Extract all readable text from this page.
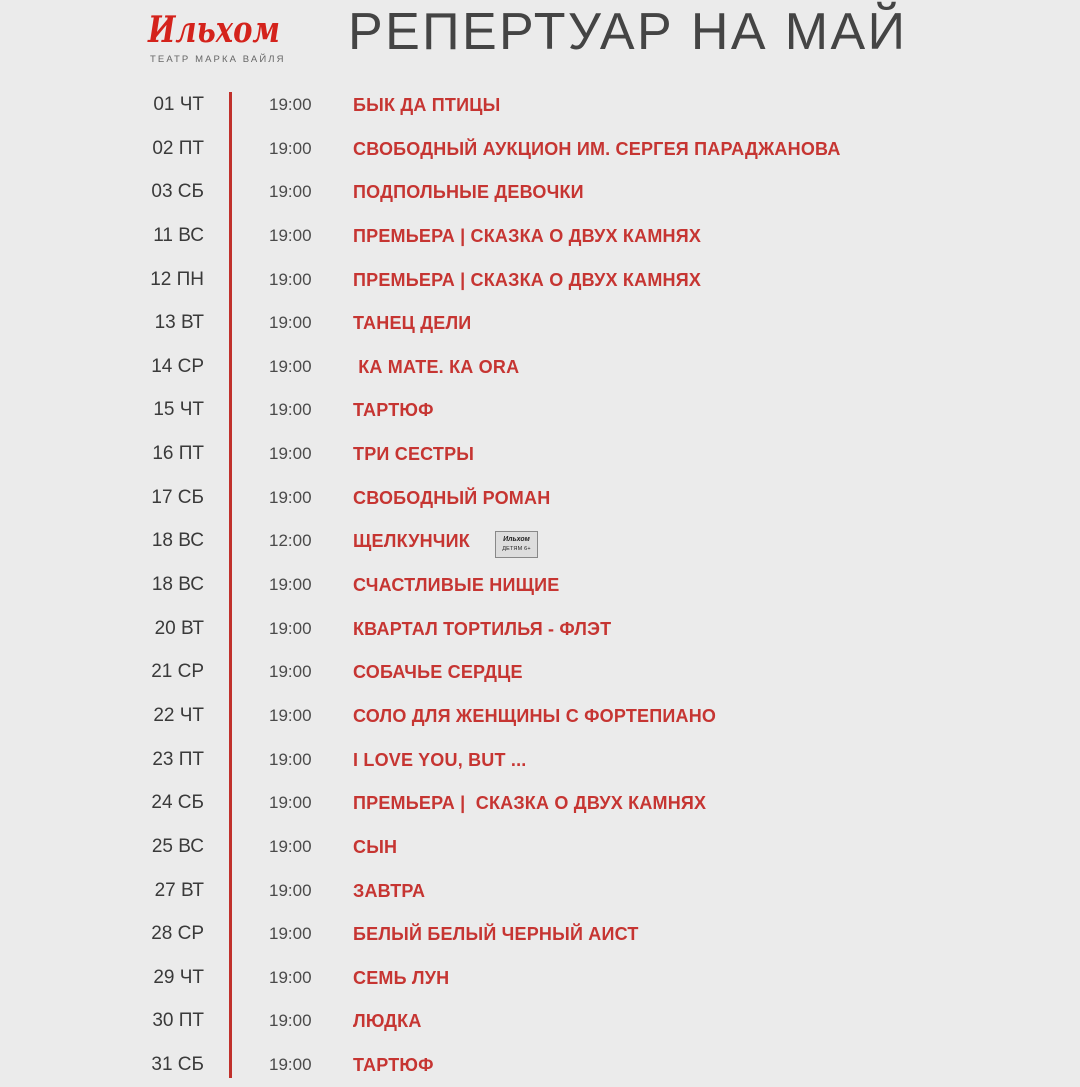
Ильхом
ТЕАТР МАРКА ВАЙЛЯ РЕПЕРТУАР НА МАЙ
01 ЧТ	19:00 БЫК ДА ПТИЦЫ
02 ПТ	19:00 СВОБОДНЫЙ АУКЦИОН ИМ. СЕРГЕЯ ПАРАДЖАНОВА
03 СБ	19:00 ПОДПОЛЬНЫЕ ДЕВОЧКИ
11 ВС	19:00 ПРЕМЬЕРА | СКАЗКА О ДВУХ КАМНЯХ
12 ПН	19:00 ПРЕМЬЕРА | СКАЗКА О ДВУХ КАМНЯХ
13 ВТ	19:00 ТАНЕЦ ДЕЛИ
14 СР	19:00 КА МАТЕ. КА ОRA
15 ЧТ	19:00 ТАРТЮФ
16 ПТ	19:00 ТРИ СЕСТРЫ
17 СБ	19:00 СВОБОДНЫЙ РОМАН
18 ВС	12:00 ЩЕЛКУНЧИК	Ильхом
ДЕТЯМ 6+
18 ВС	19:00 СЧАСТЛИВЫЕ НИЩИЕ
20 ВТ	19:00 КВАРТАЛ ТОРТИЛЬЯ - ФЛЭТ
21 СР	19:00 СОБАЧЬЕ СЕРДЦЕ
22 ЧТ	19:00 СОЛО ДЛЯ ЖЕНЩИНЫ С ФОРТЕПИАНО
23 ПТ	19:00 I LOVE YOU, BUT ...
24 СБ	19:00 ПРЕМЬЕРА |  СКАЗКА О ДВУХ КАМНЯХ
25 ВС	19:00 СЫН
27 ВТ	19:00 ЗАВТРА
28 СР	19:00 БЕЛЫЙ БЕЛЫЙ ЧЕРНЫЙ АИСТ
29 ЧТ	19:00 СЕМЬ ЛУН
30 ПТ	19:00 ЛЮДКА
31 СБ	19:00 ТАРТЮФ
